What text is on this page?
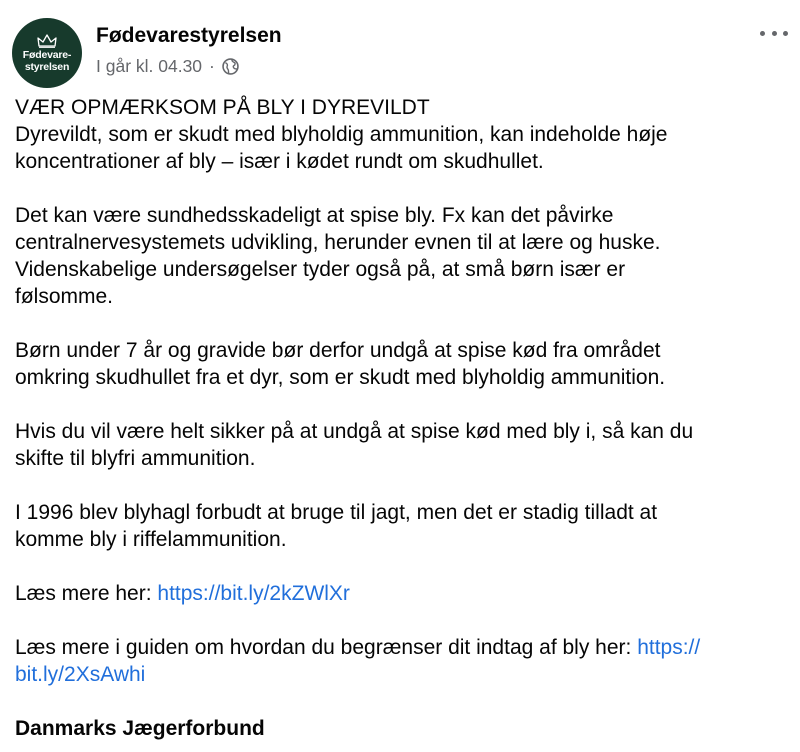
Fødevare-
styrelsen
Fødevarestyrelsen
I går kl. 04.30 ·

VÆR OPMÆRKSOM PÅ BLY I DYREVILDT
Dyrevildt, som er skudt med blyholdig ammunition, kan indeholde høje
koncentrationer af bly – især i kødet rundt om skudhullet.

Det kan være sundhedsskadeligt at spise bly. Fx kan det påvirke
centralnervesystemets udvikling, herunder evnen til at lære og huske.
Videnskabelige undersøgelser tyder også på, at små børn især er
følsomme.

Børn under 7 år og gravide bør derfor undgå at spise kød fra området
omkring skudhullet fra et dyr, som er skudt med blyholdig ammunition.

Hvis du vil være helt sikker på at undgå at spise kød med bly i, så kan du
skifte til blyfri ammunition.

I 1996 blev blyhagl forbudt at bruge til jagt, men det er stadig tilladt at
komme bly i riffelammunition.

Læs mere her: https://bit.ly/2kZWlXr

Læs mere i guiden om hvordan du begrænser dit indtag af bly her: https://
bit.ly/2XsAwhi

Danmarks Jægerforbund
